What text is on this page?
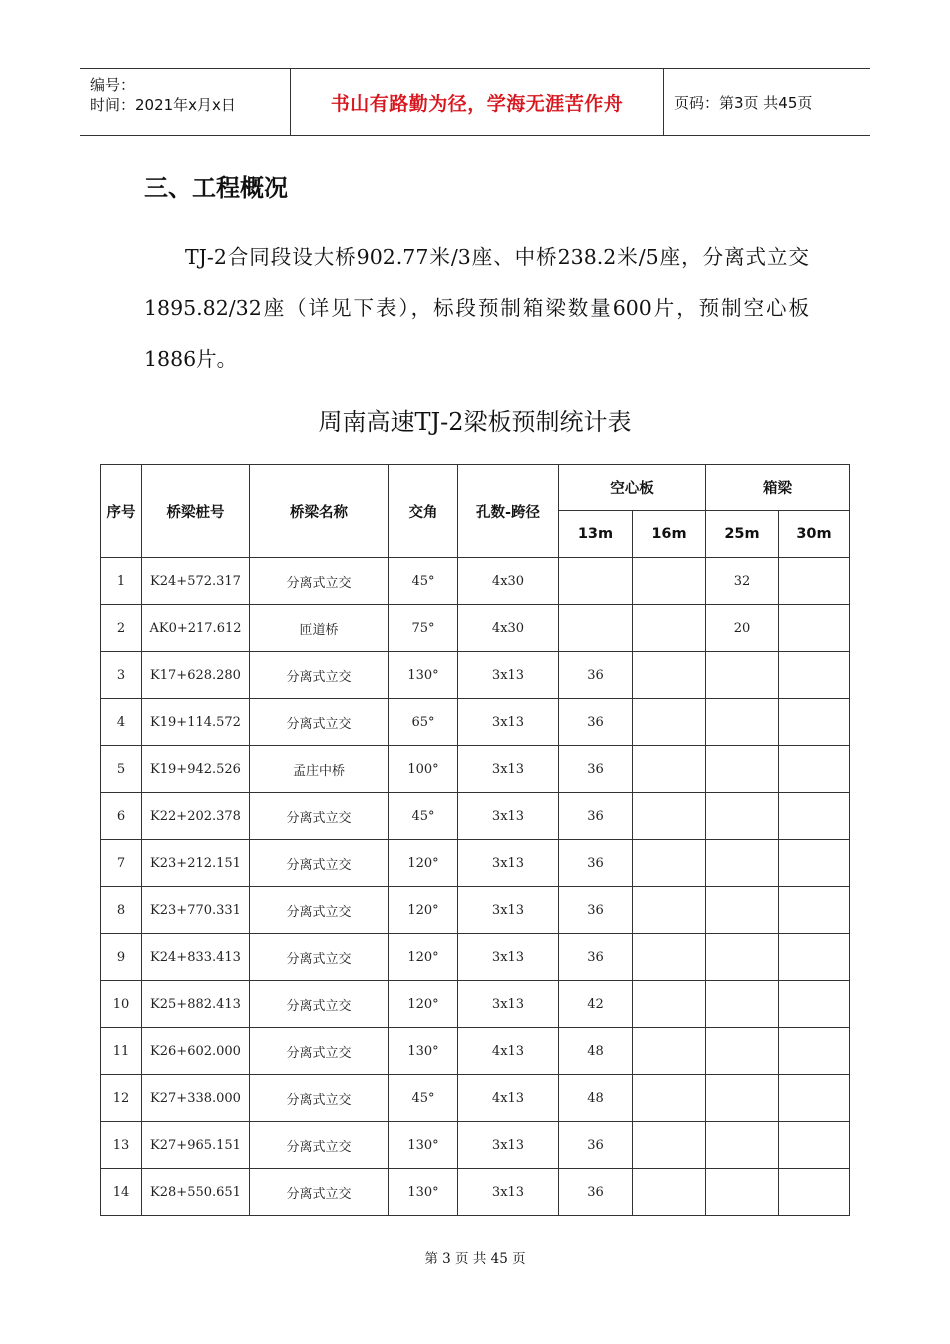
编号：
时间：2021年x月x日	书山有路勤为径，学海无涯苦作舟	页码：第3页 共45页
三、工程概况

TJ-2合同段设大桥902.77米/3座、中桥238.2米/5座，分离式立交1895.82/32座（详见下表），标段预制箱梁数量600片，预制空心板1886片。

周南高速TJ-2梁板预制统计表
序号	桥梁桩号	桥梁名称	交角	孔数-跨径	空心板		箱梁	
					13m	16m	25m	30m
1	K24+572.317	分离式立交	45°	4x30			32	
2	AK0+217.612	匝道桥	75°	4x30			20	
3	K17+628.280	分离式立交	130°	3x13	36			
4	K19+114.572	分离式立交	65°	3x13	36			
5	K19+942.526	孟庄中桥	100°	3x13	36			
6	K22+202.378	分离式立交	45°	3x13	36			
7	K23+212.151	分离式立交	120°	3x13	36			
8	K23+770.331	分离式立交	120°	3x13	36			
9	K24+833.413	分离式立交	120°	3x13	36			
10	K25+882.413	分离式立交	120°	3x13	42			
11	K26+602.000	分离式立交	130°	4x13	48			
12	K27+338.000	分离式立交	45°	4x13	48			
13	K27+965.151	分离式立交	130°	3x13	36			
14	K28+550.651	分离式立交	130°	3x13	36			
第 3 页 共 45 页
